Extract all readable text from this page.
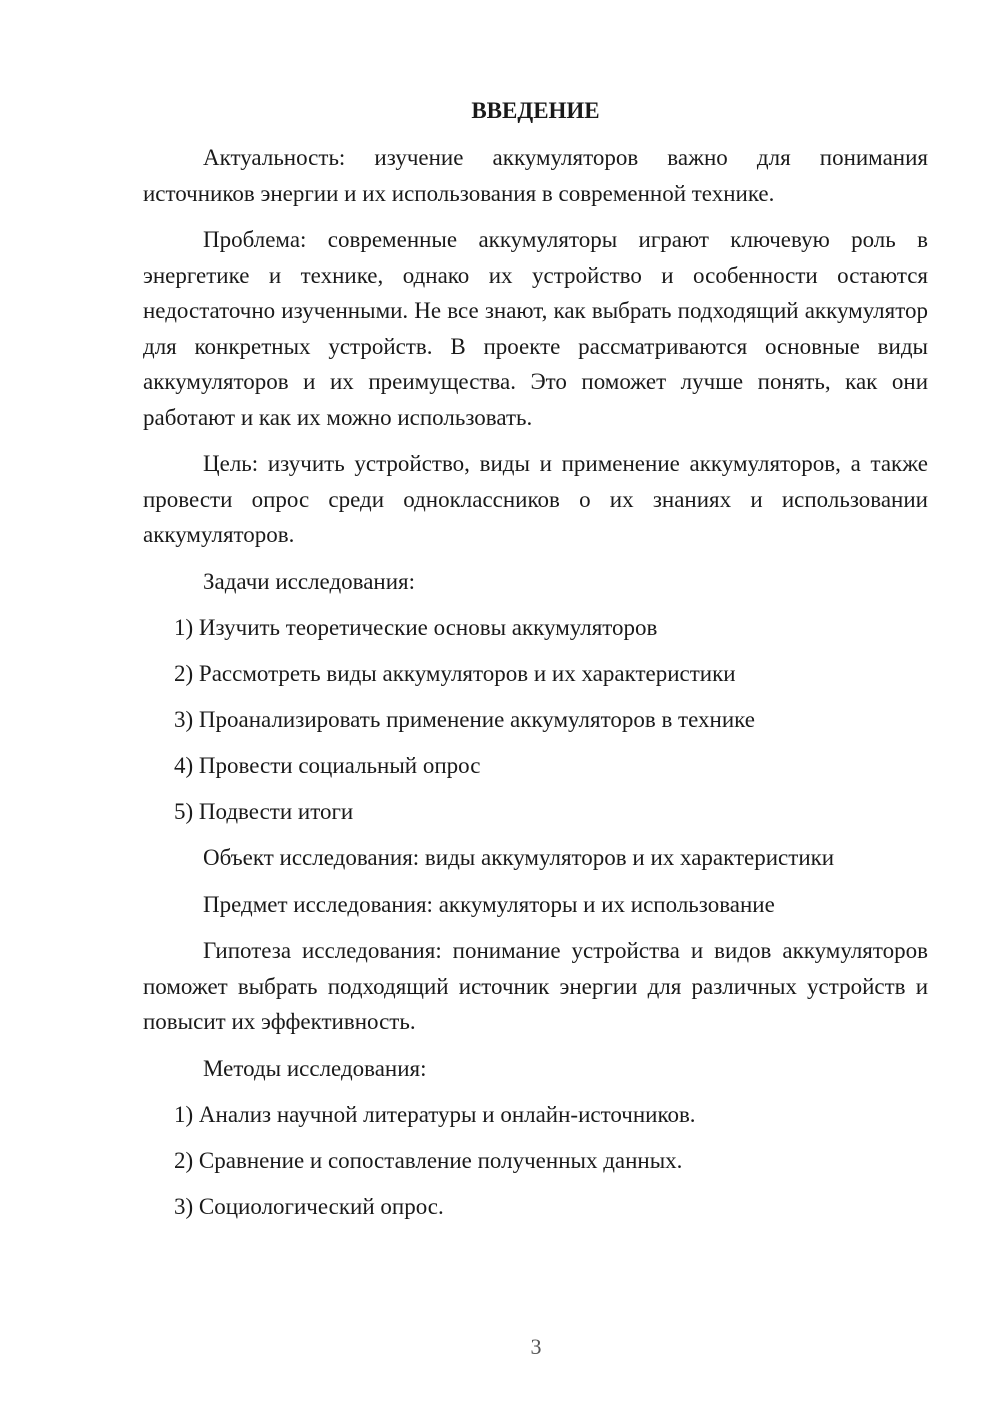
ВВЕДЕНИЕ

Актуальность: изучение аккумуляторов важно для понимания источников энергии и их использования в современной технике.

Проблема: современные аккумуляторы играют ключевую роль в энергетике и технике, однако их устройство и особенности остаются недостаточно изученными. Не все знают, как выбрать подходящий аккумулятор для конкретных устройств. В проекте рассматриваются основные виды аккумуляторов и их преимущества. Это поможет лучше понять, как они работают и как их можно использовать.

Цель: изучить устройство, виды и применение аккумуляторов, а также провести опрос среди одноклассников о их знаниях и использовании аккумуляторов.

Задачи исследования:

1) Изучить теоретические основы аккумуляторов

2) Рассмотреть виды аккумуляторов и их характеристики

3) Проанализировать применение аккумуляторов в технике

4) Провести социальный опрос

5) Подвести итоги

Объект исследования: виды аккумуляторов и их характеристики

Предмет исследования: аккумуляторы и их использование

Гипотеза исследования: понимание устройства и видов аккумуляторов поможет выбрать подходящий источник энергии для различных устройств и повысит их эффективность.

Методы исследования:

1) Анализ научной литературы и онлайн-источников.

2) Сравнение и сопоставление полученных данных.

3) Социологический опрос.

3
